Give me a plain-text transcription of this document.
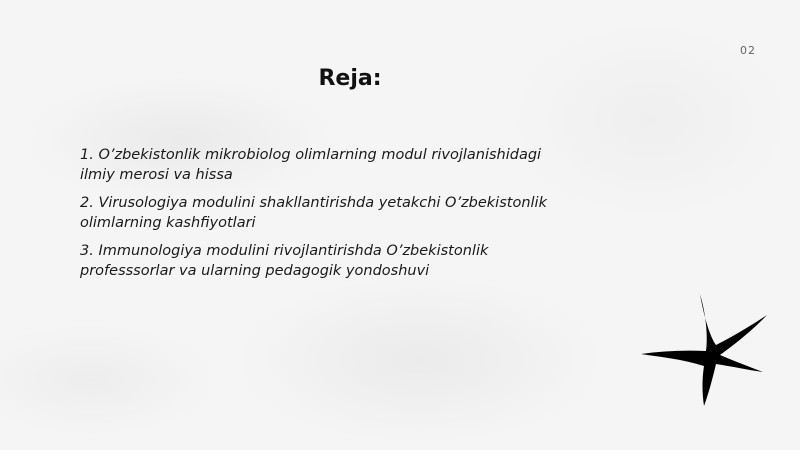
02
Reja:
1. O’zbekistonlik mikrobiolog olimlarning modul rivojlanishidagi ilmiy merosi va hissa
2. Virusologiya modulini shakllantirishda yetakchi O’zbekistonlik olimlarning kashfiyotlari
3. Immunologiya modulini rivojlantirishda O’zbekistonlik professsorlar va ularning pedagogik yondoshuvi
